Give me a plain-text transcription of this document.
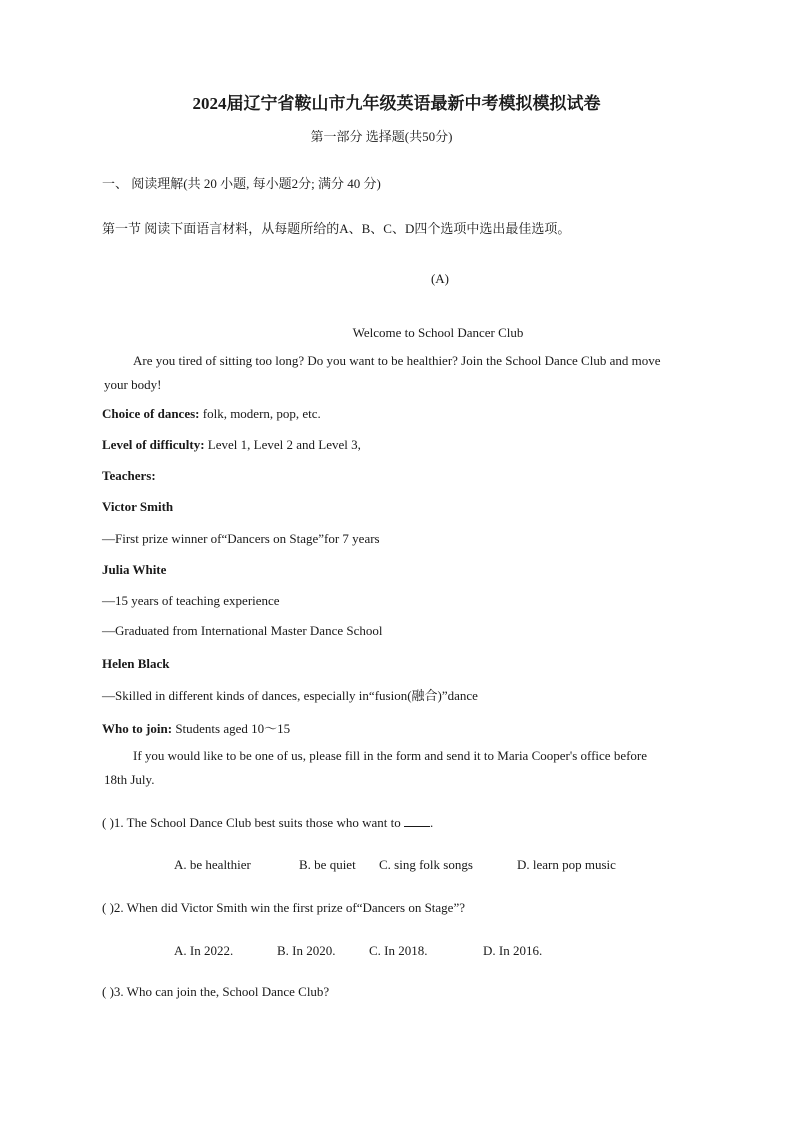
2024届辽宁省鞍山市九年级英语最新中考模拟模拟试卷
第一部分 选择题(共50分)
一、 阅读理解(共 20 小题, 每小题2分; 满分 40 分)
第一节 阅读下面语言材料，从每题所给的A、B、C、D四个选项中选出最佳选项。
(A)
Welcome to School Dancer Club
Are you tired of sitting too long? Do you want to be healthier? Join the School Dance Club and move
your body!
Choice of dances: folk, modern, pop, etc.
Level of difficulty: Level 1, Level 2 and Level 3,
Teachers:
Victor Smith
—First prize winner of“Dancers on Stage”for 7 years
Julia White
—15 years of teaching experience
—Graduated from International Master Dance School
Helen Black
—Skilled in different kinds of dances, especially in“fusion(融合)”dance
Who to join: Students aged 10～15
If you would like to be one of us, please fill in the form and send it to Maria Cooper's office before
18th July.
( )1. The School Dance Club best suits those who want to .
A. be healthier	B. be quiet C. sing folk songs	D. learn pop music
( )2. When did Victor Smith win the first prize of“Dancers on Stage”?
A. In 2022.	B. In 2020.	C. In 2018.	D. In 2016.
( )3. Who can join the, School Dance Club?
